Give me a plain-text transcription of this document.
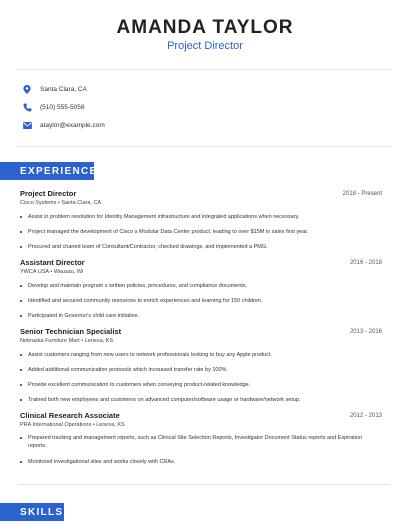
AMANDA TAYLOR
Project Director
Santa Clara, CA
(510) 555-5058
ataylor@example.com
EXPERIENCE
Project Director	2018 - Present
Cisco Systems • Santa Clara, CA
Assist in problem resolution for Identity Management infrastructure and integrated applications when necessary.
Project managed the development of Cisco s Modular Data Center product, leading to over $15M in sales first year.
Procured and chaired team of Consultant/Contractor, checked drawings, and implemented a PMG.
Assistant Director	2016 - 2018
YWCA USA • Wausau, WI
Develop and maintain program s written policies, procedures, and compliance documents.
Identified and secured community resources to enrich experiences and learning for 150 children.
Participated in Governor's child care initiative.
Senior Technician Specialist	2013 - 2016
Nebraska Furniture Mart • Lenexa, KS
Assist customers ranging from new users to network professionals looking to buy any Apple product.
Added additional communication protocols which increased transfer rate by 100%.
Provide excellent communication to customers when conveying product-related knowledge.
Trained both new employees and customers on advanced computer/software usage or hardware/network setup.
Clinical Research Associate	2012 - 2013
PRA International Operations • Lenexa, KS
Prepared tracking and management reports, such as Clinical Site Selection Reports, Investigator Document Status reports and Expiration reports.
Monitored investigational sites and works closely with CRAs.
SKILLS
